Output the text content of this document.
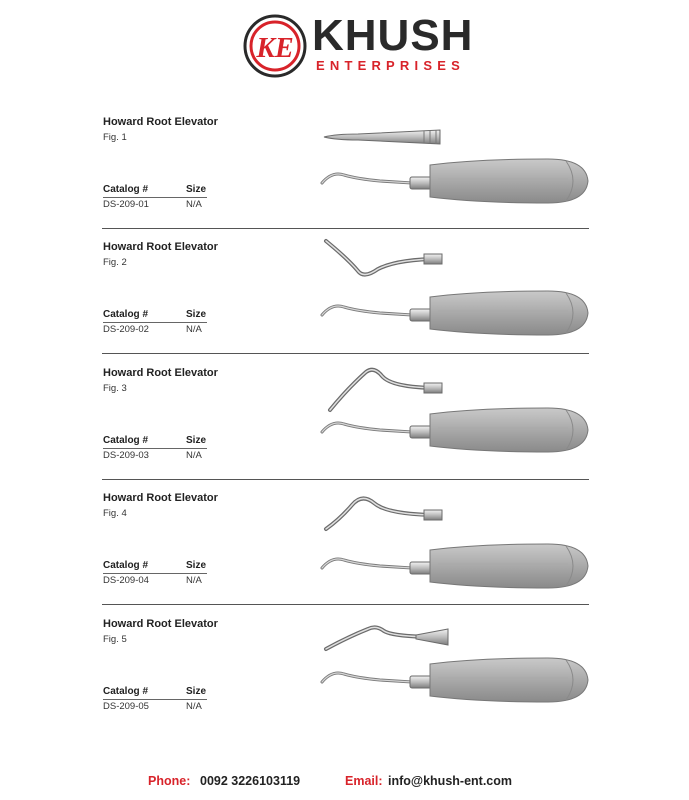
KE KHUSH
ENTERPRISES
Howard Root Elevator
Fig. 1
Catalog #	Size
DS-209-01	N/A
Howard Root Elevator
Fig. 2
Catalog #	Size
DS-209-02	N/A
Howard Root Elevator
Fig. 3
Catalog #	Size
DS-209-03	N/A
Howard Root Elevator
Fig. 4
Catalog #	Size
DS-209-04	N/A
Howard Root Elevator
Fig. 5
Catalog #	Size
DS-209-05	N/A
Phone: 0092 3226103119	Email: info@khush-ent.com
